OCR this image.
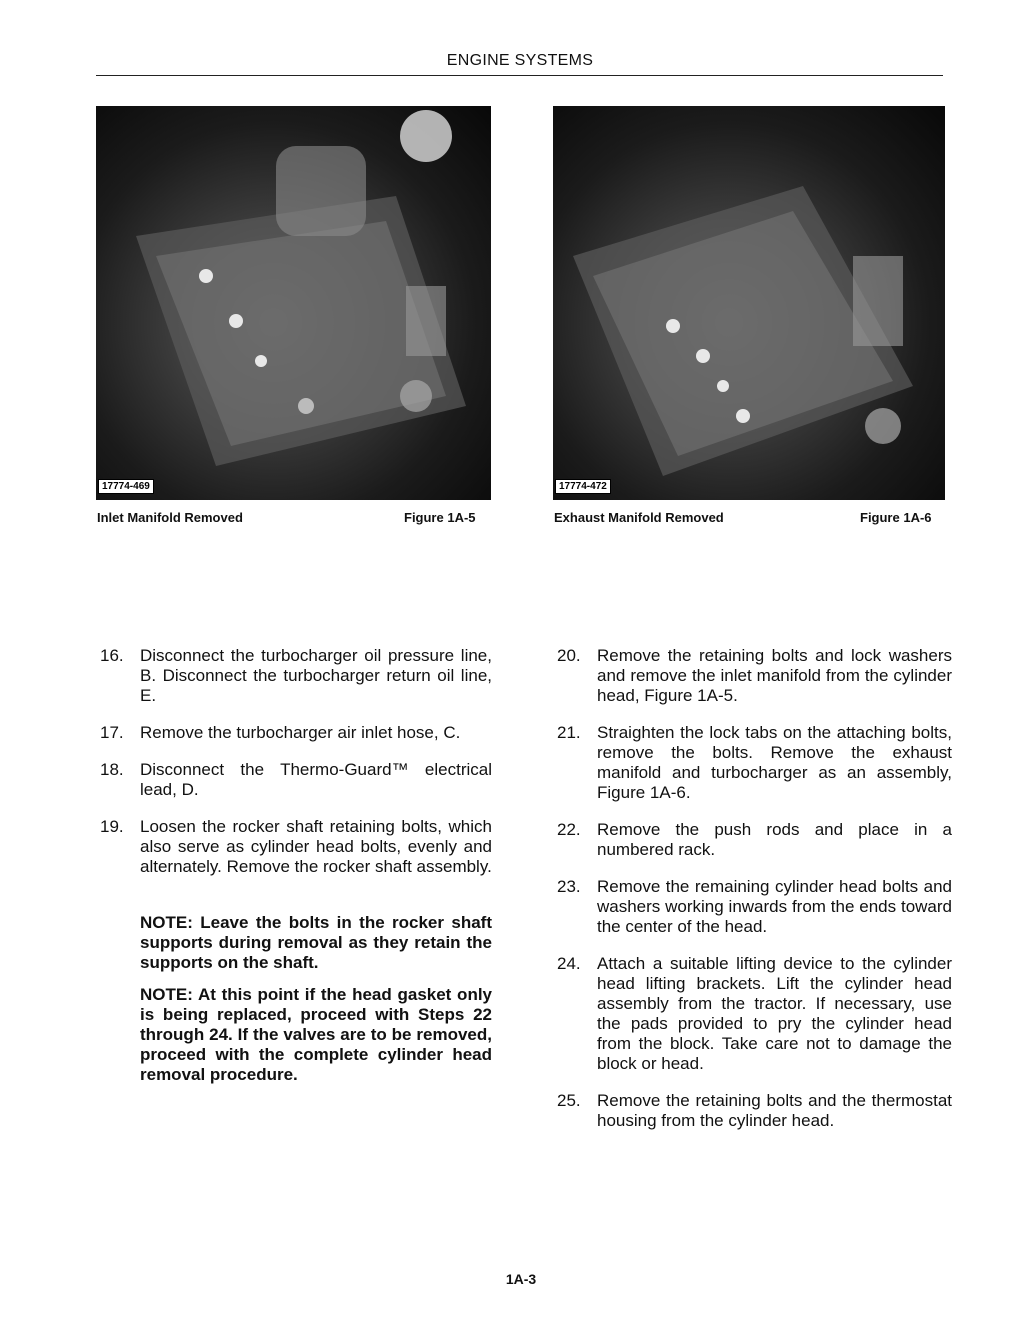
ENGINE SYSTEMS
17774-469	17774-472
Inlet Manifold Removed	Figure 1A-5	Exhaust Manifold Removed	Figure 1A-6
16. Disconnect the turbocharger oil pressure line, B. Disconnect the turbocharger return oil line, E.
17. Remove the turbocharger air inlet hose, C.
18. Disconnect the Thermo-Guard™ electrical lead, D.
19. Loosen the rocker shaft retaining bolts, which also serve as cylinder head bolts, evenly and alternately. Remove the rocker shaft assembly.
NOTE: Leave the bolts in the rocker shaft supports during removal as they retain the supports on the shaft.
NOTE: At this point if the head gasket only is being replaced, proceed with Steps 22 through 24. If the valves are to be removed, proceed with the complete cylinder head removal procedure.
20. Remove the retaining bolts and lock washers and remove the inlet manifold from the cylinder head, Figure 1A-5.
21. Straighten the lock tabs on the attaching bolts, remove the bolts. Remove the exhaust manifold and turbocharger as an assembly, Figure 1A-6.
22. Remove the push rods and place in a numbered rack.
23. Remove the remaining cylinder head bolts and washers working inwards from the ends toward the center of the head.
24. Attach a suitable lifting device to the cylinder head lifting brackets. Lift the cylinder head assembly from the tractor. If necessary, use the pads provided to pry the cylinder head from the block. Take care not to damage the block or head.
25. Remove the retaining bolts and the thermostat housing from the cylinder head.
1A-3
